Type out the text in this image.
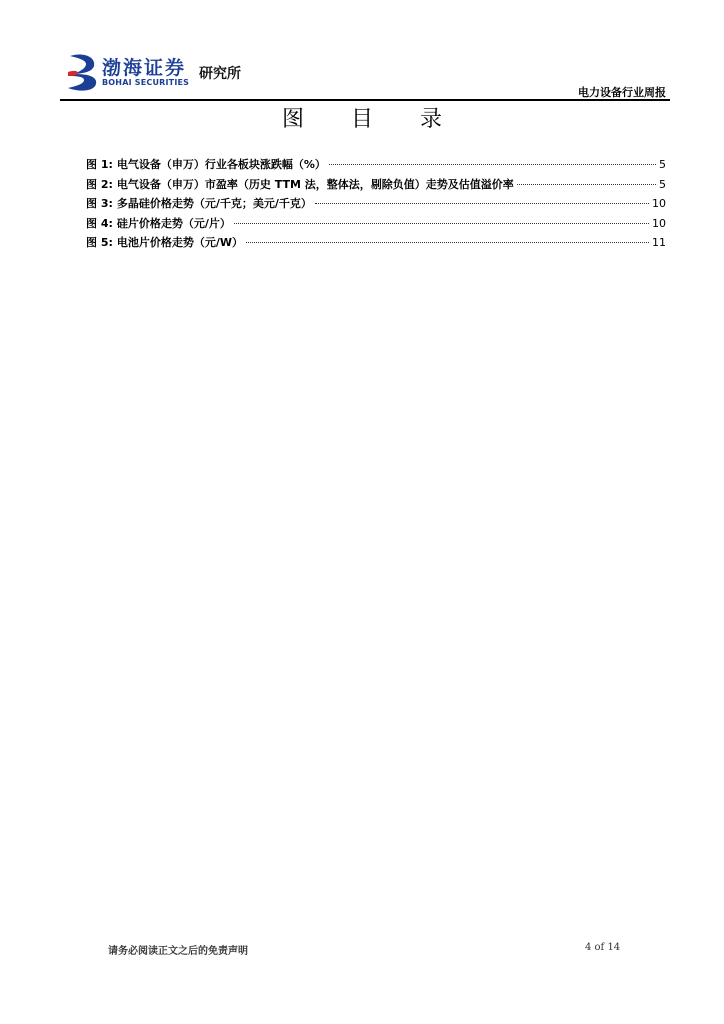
渤海证券
BOHAI SECURITIES
研究所
电力设备行业周报
图 目 录
图 1: 电气设备（申万）行业各板块涨跌幅（%）	5
图 2: 电气设备（申万）市盈率（历史 TTM 法，整体法，剔除负值）走势及估值溢价率	5
图 3: 多晶硅价格走势（元/千克；美元/千克）	10
图 4: 硅片价格走势（元/片）	10
图 5: 电池片价格走势（元/W）	11
请务必阅读正文之后的免责声明	4 of 14
